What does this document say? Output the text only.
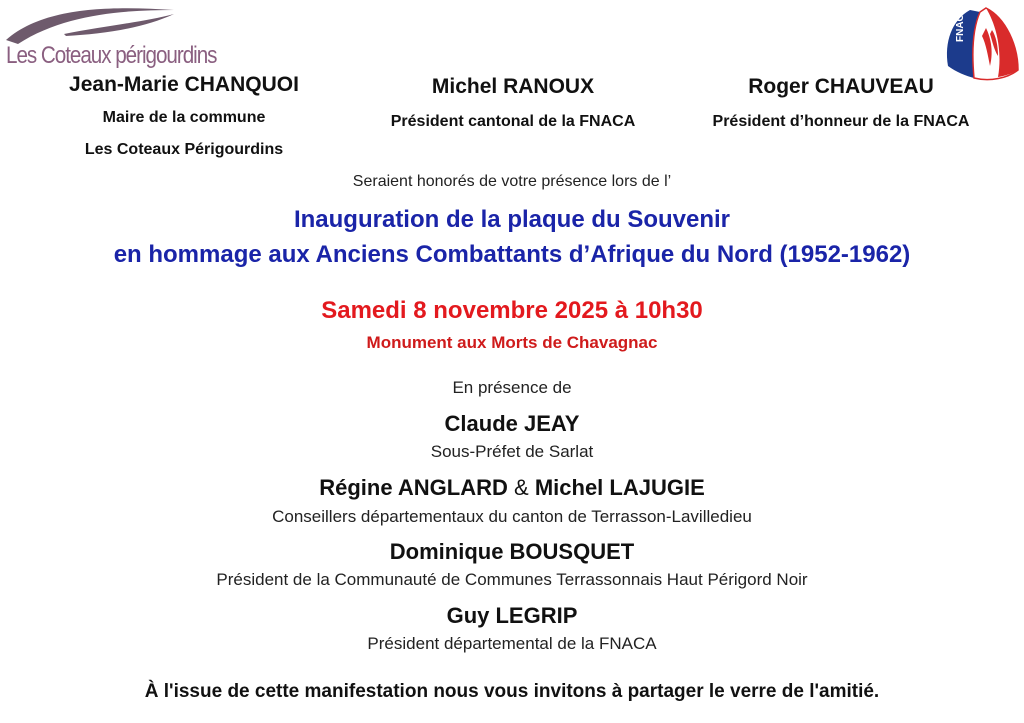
Les Coteaux périgourdins
Jean-Marie CHANQUOI
Maire de la commune
Les Coteaux Périgourdins
Michel RANOUX
Président cantonal de la FNACA
Roger CHAUVEAU
Président d’honneur de la FNACA
Seraient honorés de votre présence lors de l’
Inauguration de la plaque du Souvenir
en hommage aux Anciens Combattants d’Afrique du Nord (1952-1962)
Samedi 8 novembre 2025 à 10h30
Monument aux Morts de Chavagnac
En présence de
Claude JEAY
Sous-Préfet de Sarlat
Régine ANGLARD & Michel LAJUGIE
Conseillers départementaux du canton de Terrasson-Lavilledieu
Dominique BOUSQUET
Président de la Communauté de Communes Terrassonnais Haut Périgord Noir
Guy LEGRIP
Président départemental de la FNACA
À l'issue de cette manifestation nous vous invitons à partager le verre de l'amitié.
